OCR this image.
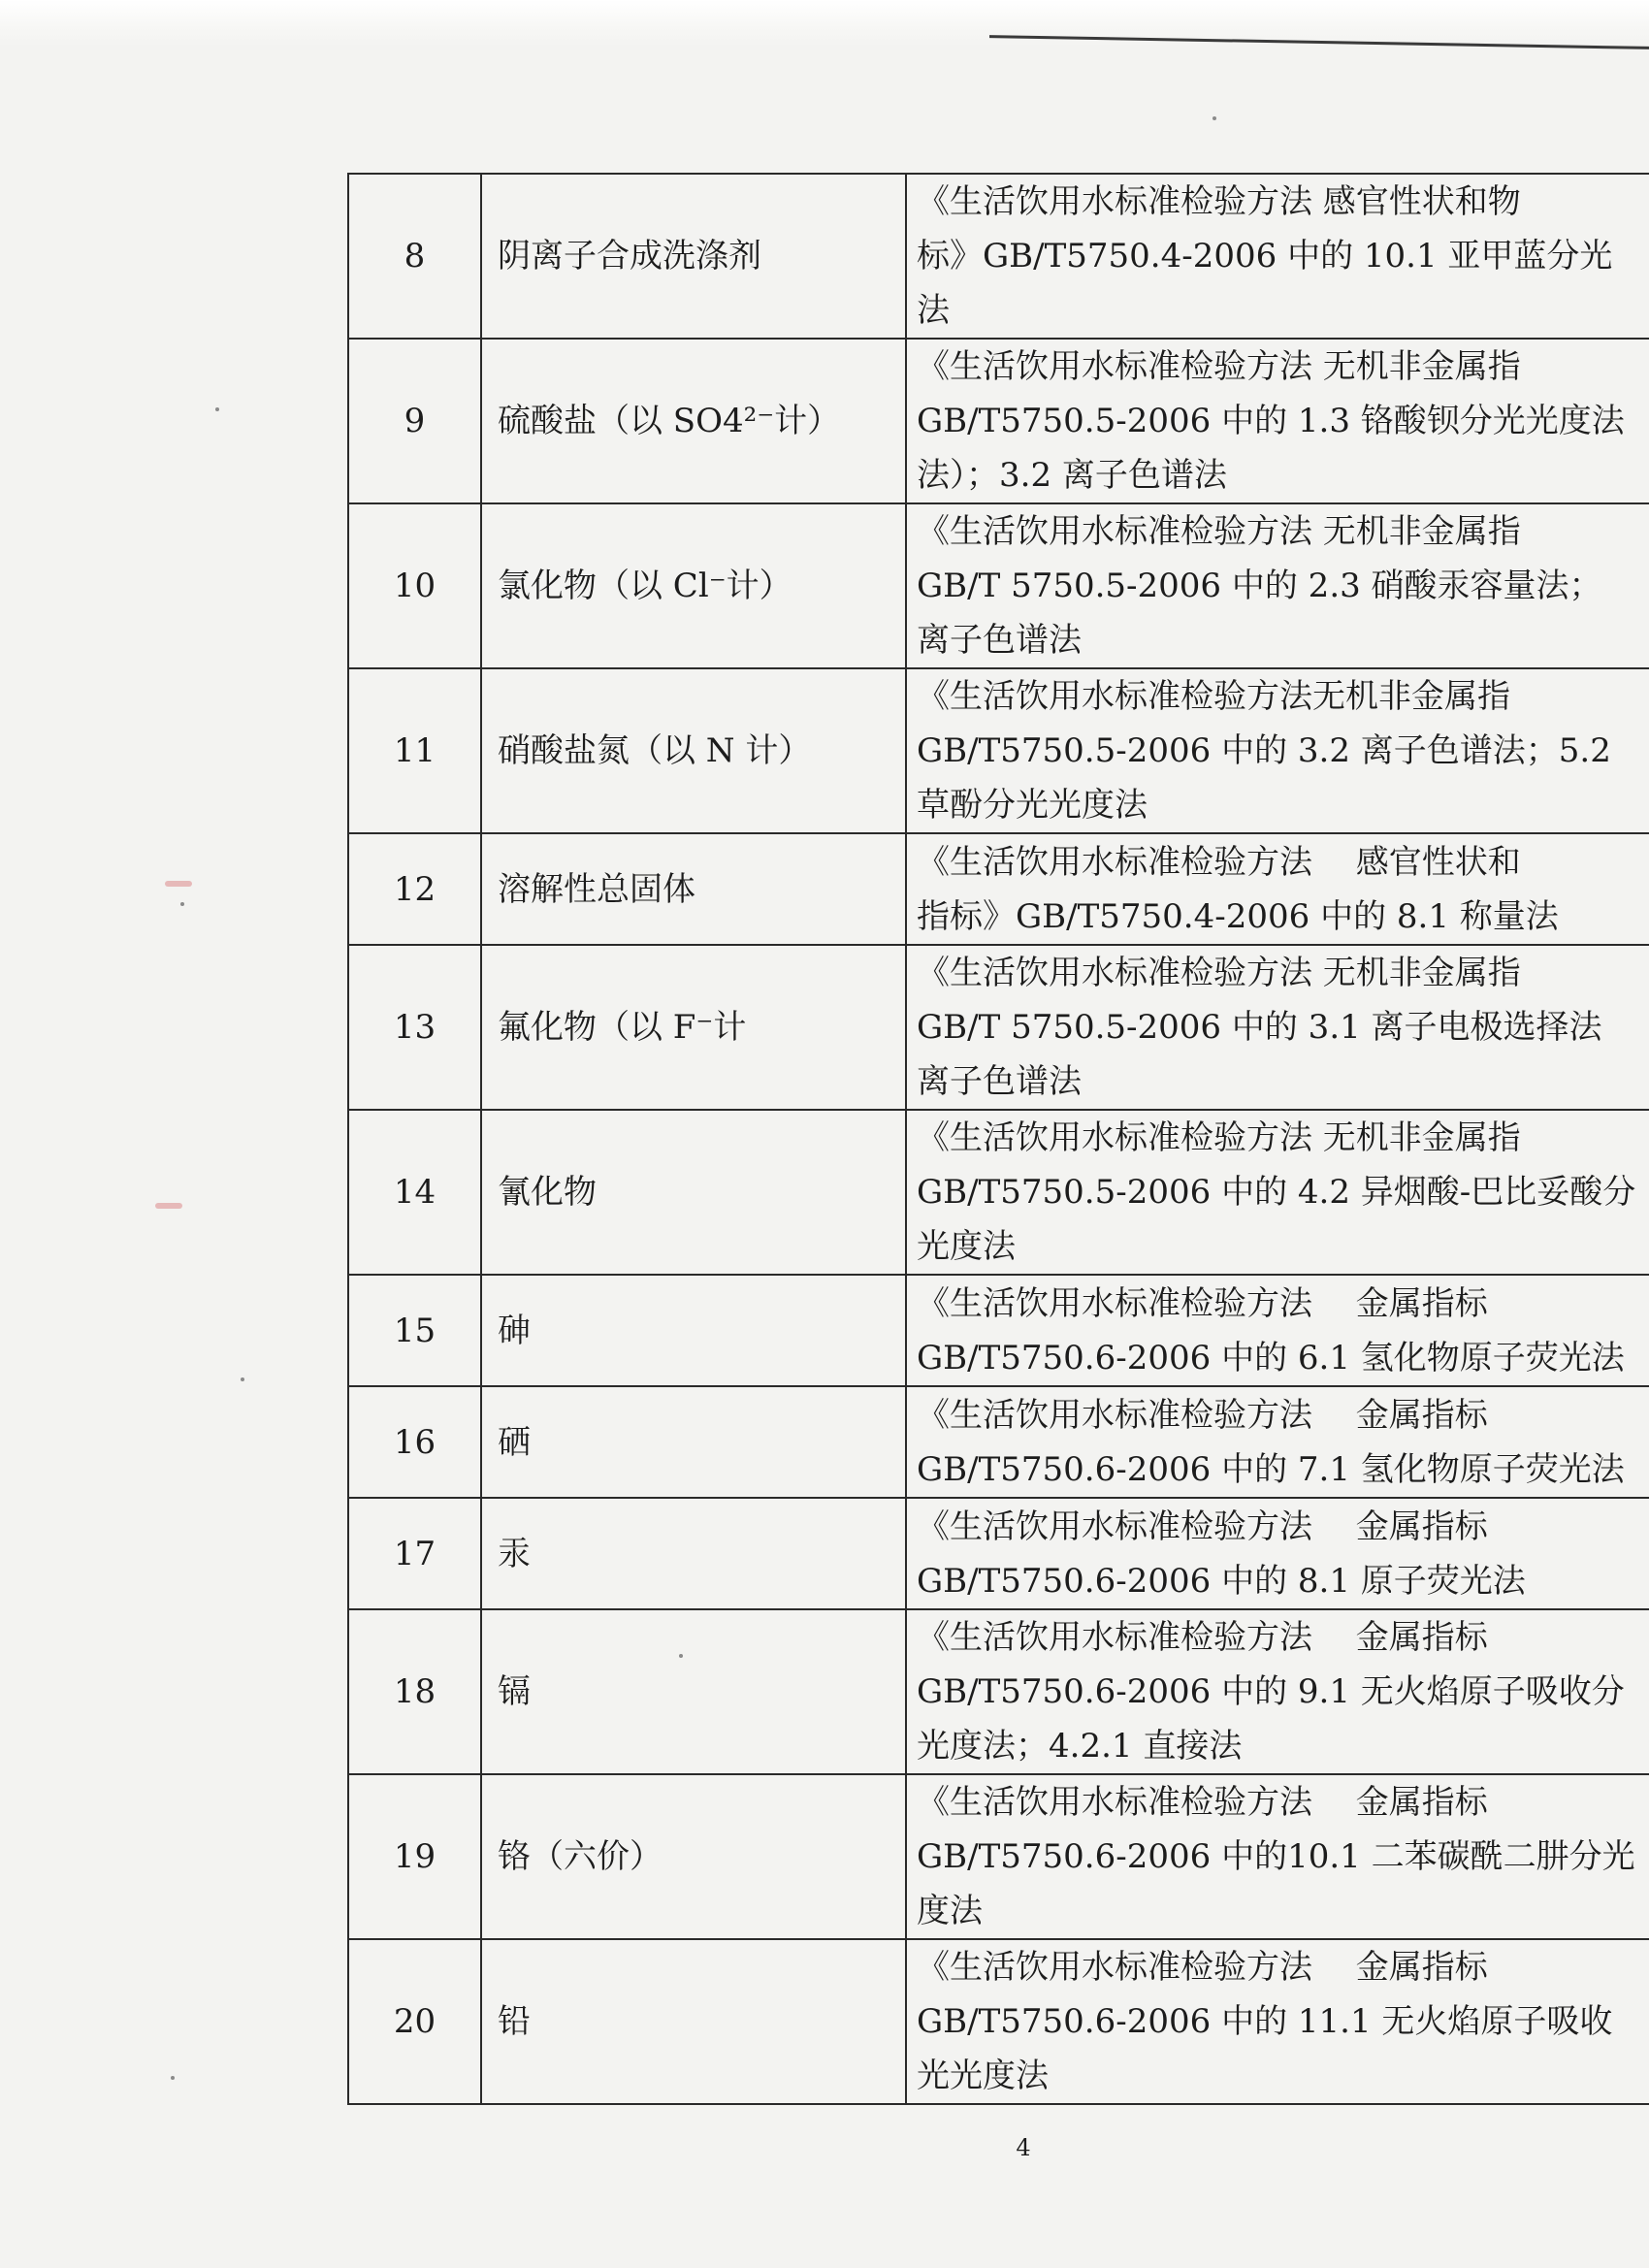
8	阴离子合成洗涤剂	《生活饮用水标准检验方法 感官性状和物
标》GB/T5750.4-2006 中的 10.1 亚甲蓝分光
法

9	硫酸盐（以 SO4²⁻计）	《生活饮用水标准检验方法 无机非金属指
GB/T5750.5-2006 中的 1.3 铬酸钡分光光度法
法）；3.2 离子色谱法

10	氯化物（以 Cl⁻计）	《生活饮用水标准检验方法 无机非金属指
GB/T 5750.5-2006 中的 2.3 硝酸汞容量法；
离子色谱法

11	硝酸盐氮（以 N 计）	《生活饮用水标准检验方法无机非金属指
GB/T5750.5-2006 中的 3.2 离子色谱法；5.2
草酚分光光度法

12	溶解性总固体	《生活饮用水标准检验方法　 感官性状和
指标》GB/T5750.4-2006 中的 8.1 称量法

13	氟化物（以 F⁻计	《生活饮用水标准检验方法 无机非金属指
GB/T 5750.5-2006 中的 3.1 离子电极选择法
离子色谱法

14	氰化物	《生活饮用水标准检验方法 无机非金属指
GB/T5750.5-2006 中的 4.2 异烟酸-巴比妥酸分
光度法

15	砷	《生活饮用水标准检验方法　 金属指标
GB/T5750.6-2006 中的 6.1 氢化物原子荧光法

16	硒	《生活饮用水标准检验方法　 金属指标
GB/T5750.6-2006 中的 7.1 氢化物原子荧光法

17	汞	《生活饮用水标准检验方法　 金属指标
GB/T5750.6-2006 中的 8.1 原子荧光法

18	镉	《生活饮用水标准检验方法　 金属指标
GB/T5750.6-2006 中的 9.1 无火焰原子吸收分
光度法；4.2.1 直接法

19	铬（六价）	《生活饮用水标准检验方法　 金属指标
GB/T5750.6-2006 中的10.1 二苯碳酰二肼分光
度法

20	铅	《生活饮用水标准检验方法　 金属指标
GB/T5750.6-2006 中的 11.1 无火焰原子吸收
光光度法
4
